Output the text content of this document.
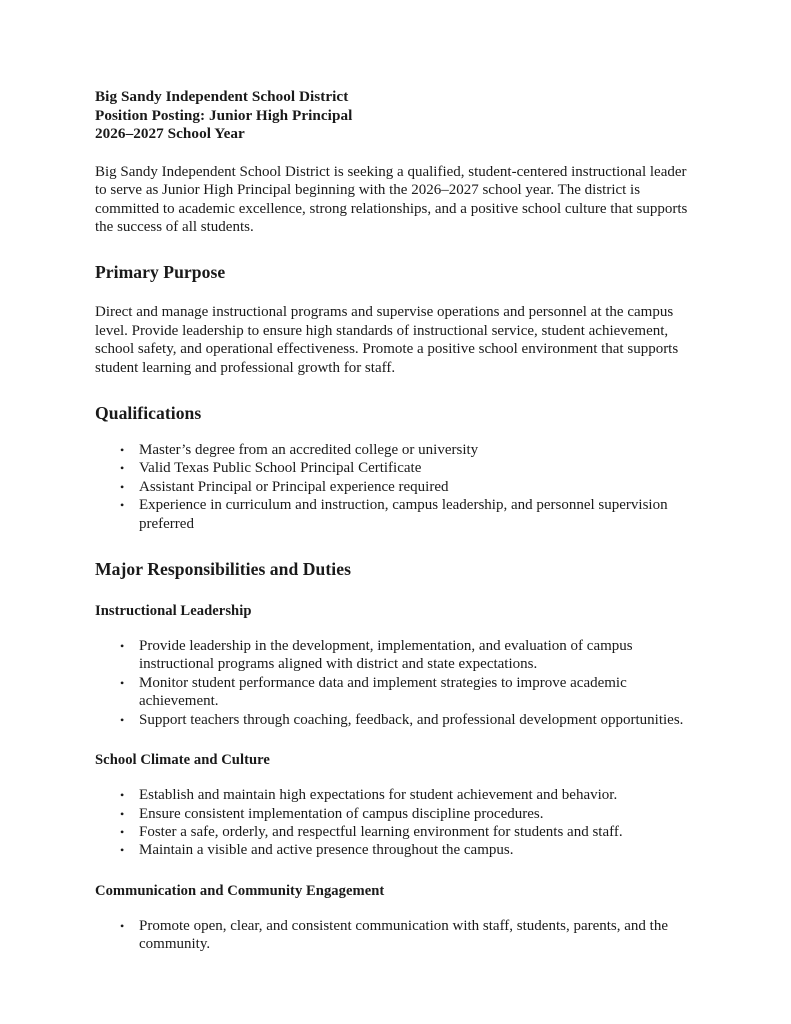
Big Sandy Independent School District
Position Posting: Junior High Principal
2026–2027 School Year

Big Sandy Independent School District is seeking a qualified, student-centered instructional leader to serve as Junior High Principal beginning with the 2026–2027 school year. The district is committed to academic excellence, strong relationships, and a positive school culture that supports the success of all students.

Primary Purpose

Direct and manage instructional programs and supervise operations and personnel at the campus level. Provide leadership to ensure high standards of instructional service, student achievement, school safety, and operational effectiveness. Promote a positive school environment that supports student learning and professional growth for staff.

Qualifications
• Master’s degree from an accredited college or university
• Valid Texas Public School Principal Certificate
• Assistant Principal or Principal experience required
• Experience in curriculum and instruction, campus leadership, and personnel supervision preferred
Major Responsibilities and Duties
Instructional Leadership
• Provide leadership in the development, implementation, and evaluation of campus instructional programs aligned with district and state expectations.
• Monitor student performance data and implement strategies to improve academic achievement.
• Support teachers through coaching, feedback, and professional development opportunities.
School Climate and Culture
• Establish and maintain high expectations for student achievement and behavior.
• Ensure consistent implementation of campus discipline procedures.
• Foster a safe, orderly, and respectful learning environment for students and staff.
• Maintain a visible and active presence throughout the campus.
Communication and Community Engagement
• Promote open, clear, and consistent communication with staff, students, parents, and the community.
